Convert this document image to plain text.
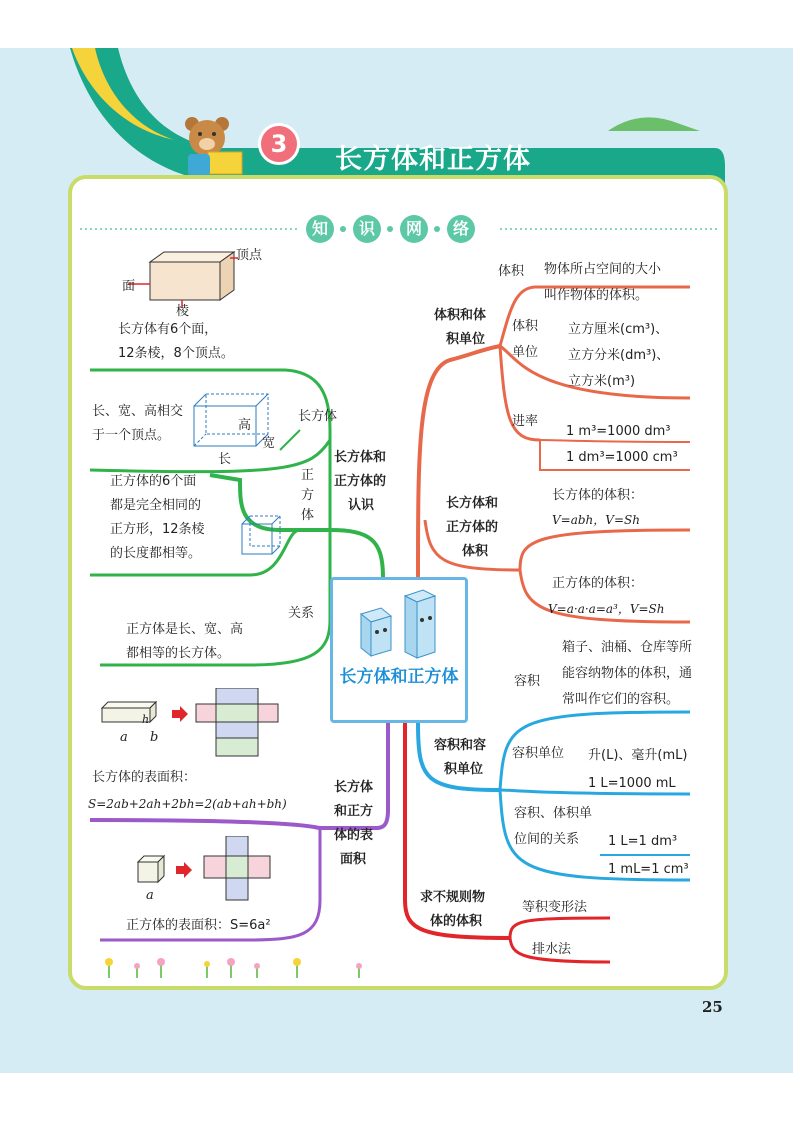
3	长方体和正方体
知	识	网	络
长方体和正方体
顶点
面
棱
长方体有6个面，
12条棱，8个顶点。
长、宽、高相交
于一个顶点。
高
宽
长
长方体
正
方
体
长方体和
正方体的
认识
正方体的6个面
都是完全相同的
正方形，12条棱
的长度都相等。
关系
正方体是长、宽、高
都相等的长方体。
a b
h
长方体的表面积：
S=2ab+2ah+2bh=2(ab+ah+bh)
长方体
和正方
体的表
面积
a
正方体的表面积：S=6a²
体积和体
积单位
体积 物体所占空间的大小
叫作物体的体积。
体积
单位
立方厘米(cm³)、
立方分米(dm³)、
立方米(m³)
进率
1 m³=1000 dm³
1 dm³=1000 cm³
长方体和
正方体的
体积
长方体的体积：
V=abh，V=Sh
正方体的体积：
V=a·a·a=a³，V=Sh
箱子、油桶、仓库等所
能容纳物体的体积，通
常叫作它们的容积。
容积
容积和容
积单位
容积单位 升(L)、毫升(mL)
1 L=1000 mL
容积、体积单
位间的关系 1 L=1 dm³
1 mL=1 cm³
求不规则物
体的体积
等积变形法
排水法
25
